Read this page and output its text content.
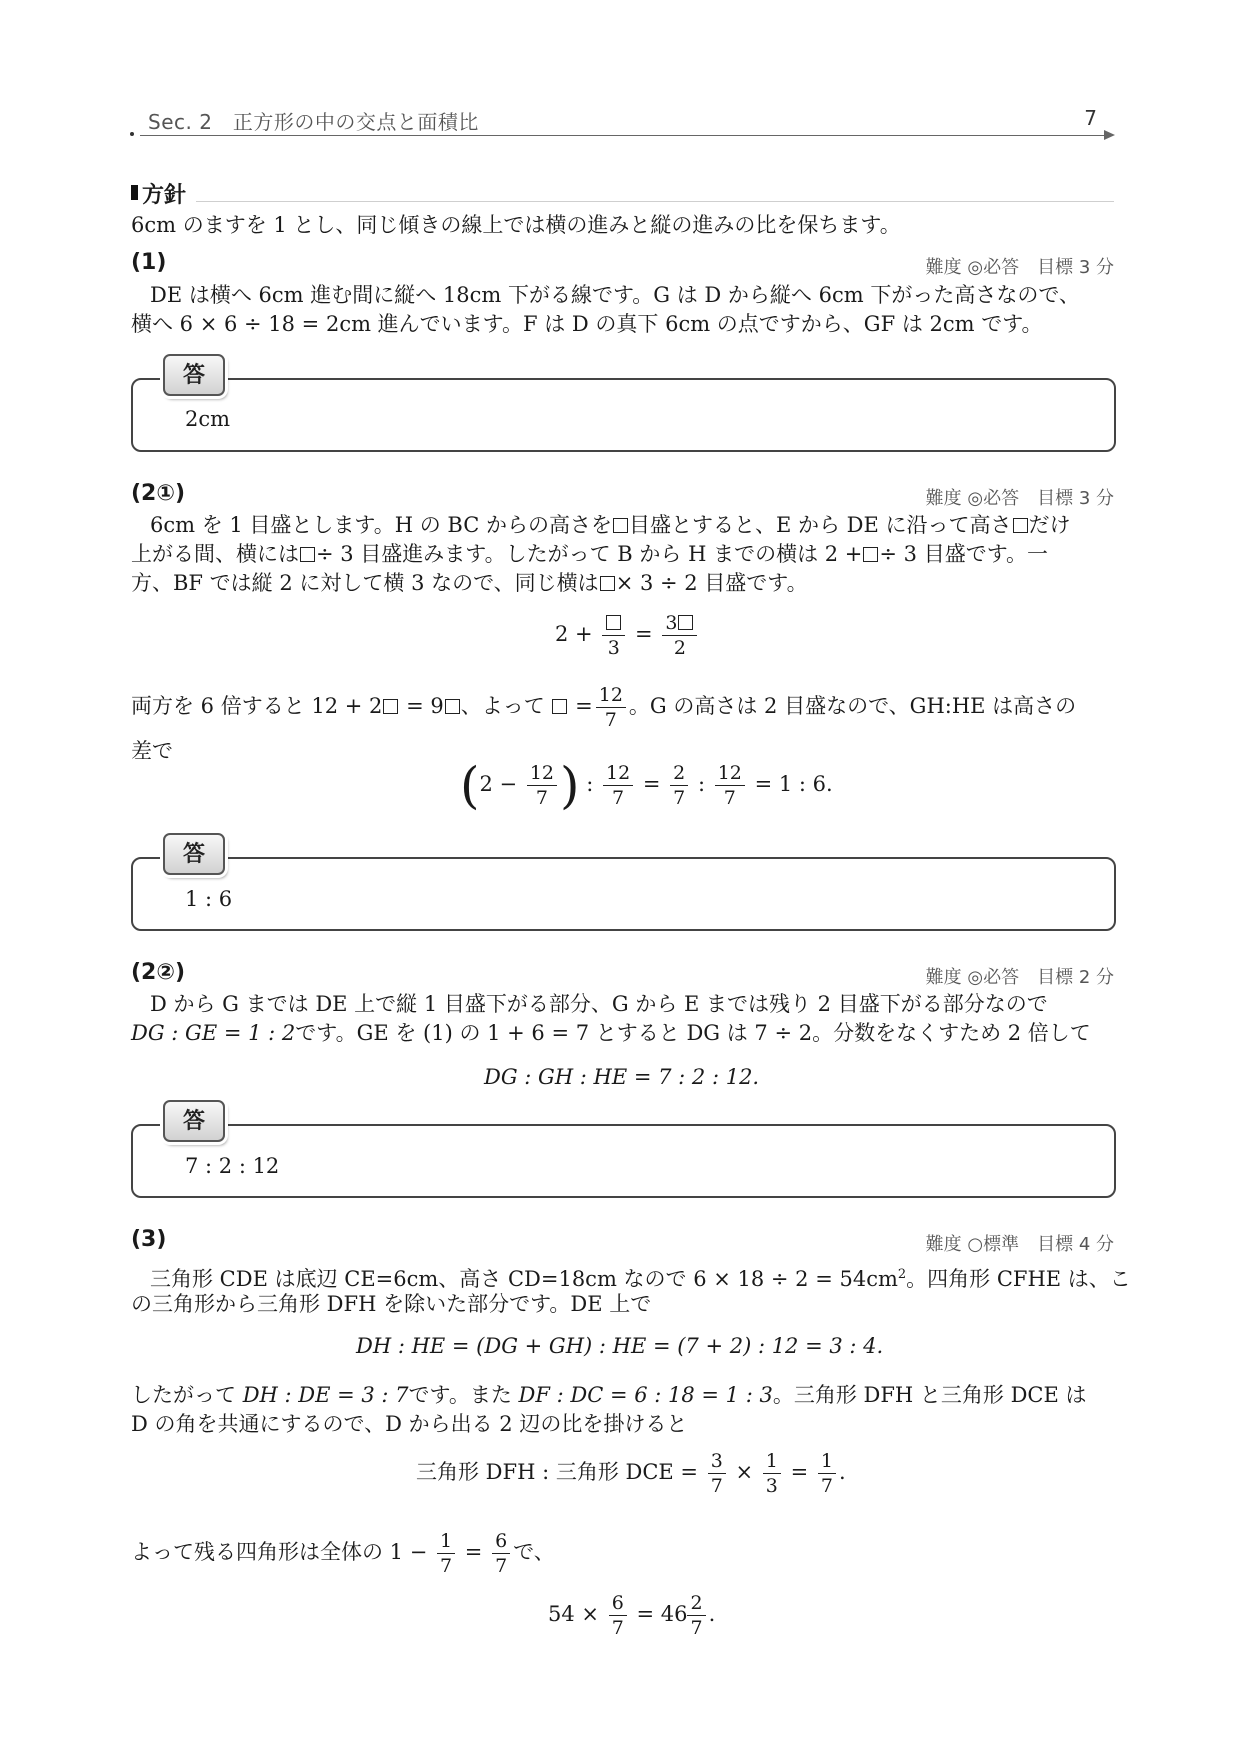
Sec. 2　正方形の中の交点と面積比	7
方針
6cm のますを 1 とし、同じ傾きの線上では横の進みと縦の進みの比を保ちます。
(1)	難度 ◎必答　目標 3 分
DE は横へ 6cm 進む間に縦へ 18cm 下がる線です。G は D から縦へ 6cm 下がった高さなので、
横へ 6 × 6 ÷ 18 = 2cm 進んでいます。F は D の真下 6cm の点ですから、GF は 2cm です。
答
2cm
(2①)	難度 ◎必答　目標 3 分
6cm を 1 目盛とします。H の BC からの高さを 目盛とすると、E から DE に沿って高さ だけ
上がる間、横には ÷ 3 目盛進みます。したがって B から H までの横は 2 + ÷ 3 目盛です。一
方、BF では縦 2 に対して横 3 なので、同じ横は × 3 ÷ 2 目盛です。
2 +
3
= $\frac{3}{2}$
両方を 6 倍すると 12 + 2 = 9 、よって = $\frac{12}{7}$ 。G の高さは 2 目盛なので、GH:HE は高さの
差で
($2 - \frac{12}{7}$ ) : $\frac{12}{7} = \frac{2}{7}$ : $\frac{12}{7} = 1$ : 6.
答
1 : 6
(2②)	難度 ◎必答　目標 2 分
D から G までは DE 上で縦 1 目盛下がる部分、G から E までは残り 2 目盛下がる部分なので
DG : GE = 1 : 2です。GE を (1) の 1 + 6 = 7 とすると DG は 7 ÷ 2。分数をなくすため 2 倍して
DG : GH : HE = 7 : 2 : 12.
答
7 : 2 : 12
(3)	難度 ○標準　目標 4 分
三角形 CDE は底辺 CE=6cm、高さ CD=18cm なので $6 \times 18 \div 2 = 54cm^2$。四角形 CFHE は、こ
の三角形から三角形 DFH を除いた部分です。DE 上で
DH : HE = (DG + GH) : HE = (7 + 2) : 12 = 3 : 4.
したがって DH : DE = 3 : 7です。また DF : DC = 6 : 18 = 1 : 3。三角形 DFH と三角形 DCE は
D の角を共通にするので、D から出る 2 辺の比を掛けると
三角形 DFH : 三角形 DCE = $\frac{3}{7} \times \frac{1}{3} = \frac{1}{7}$ .
よって残る四角形は全体の $1 - \frac{1}{7} = \frac{6}{7}$ で、
$54 \times \frac{6}{7} = 46 \frac{2}{7}$ .
